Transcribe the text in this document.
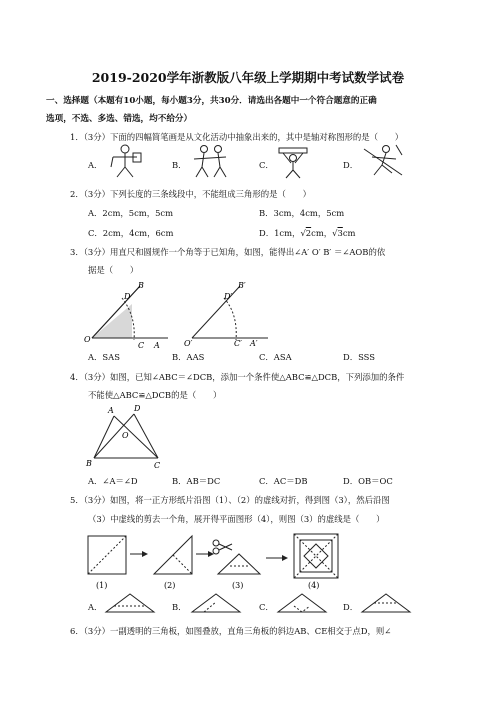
2019-2020学年浙教版八年级上学期期中考试数学试卷
一、选择题（本题有10小题，每小题3分，共30分．请选出各题中一个符合题意的正确
选项，不选、多选、错选，均不给分）
1．（3分）下面的四幅简笔画是从文化活动中抽象出来的，其中是轴对称图形的是（　　）
A．	B．	C．	D．
2．（3分）下列长度的三条线段中，不能组成三角形的是（　　）
A．2cm，5cm，5cm	B．3cm，4cm，5cm
C．2cm，4cm，6cm	D．1cm，√2cm，√3cm
3．（3分）用直尺和圆规作一个角等于已知角，如图，能得出∠A′ O′ B′ ＝∠AOB的依
据是（　　）
B
D
O
C A
B′
D′
O′	C′ A′
A．SAS	B．AAS	C．ASA	D．SSS
4．（3分）如图，已知∠ABC＝∠DCB，添加一个条件使△ABC≌△DCB，下列添加的条件
不能使△ABC≌△DCB的是（　　）
A	D
O
B	C
A．∠A＝∠D	B．AB＝DC	C．AC＝DB	D．OB＝OC
5．（3分）如图，将一正方形纸片沿图（1）、（2）的虚线对折，得到图（3），然后沿图
（3）中虚线的剪去一个角，展开得平面图形（4），则图（3）的虚线是（　　）
(1)	(2)	(3)	(4)
A．	B．	C．	D．
6．（3分）一副透明的三角板，如图叠放，直角三角板的斜边AB、CE相交于点D，则∠
